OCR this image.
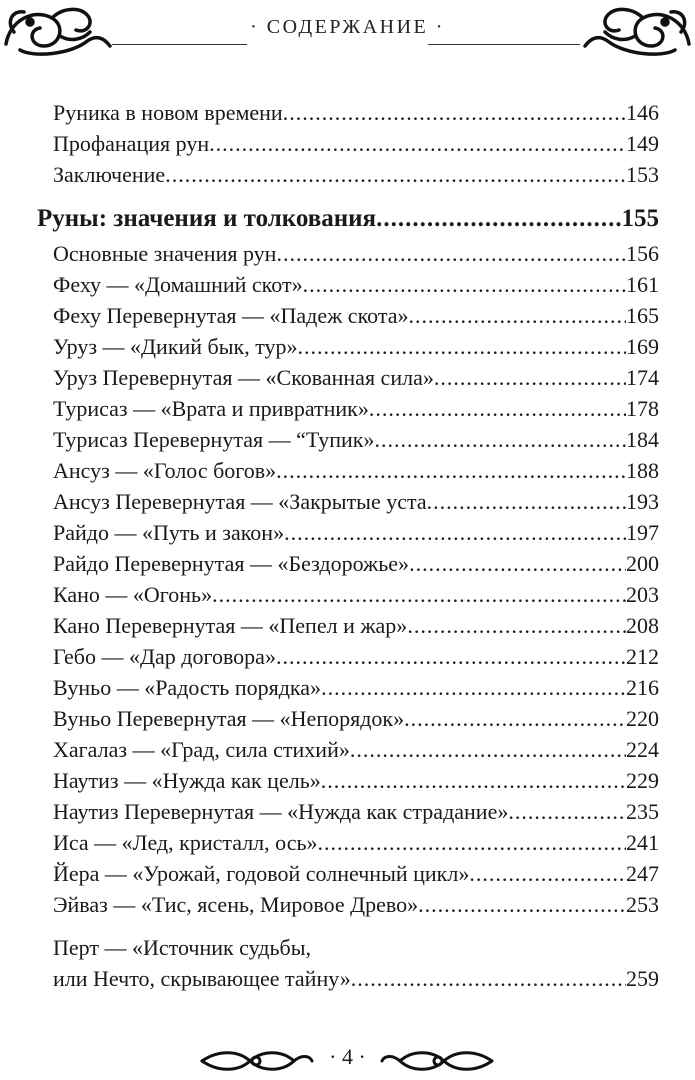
· СОДЕРЖАНИЕ ·
Руника в новом времени .....	146
Профанация рун .....	149
Заключение .....	153
Руны: значения и толкования .....	155
Основные значения рун .....	156
Феху — «Домашний скот» .....	161
Феху Перевернутая — «Падеж скота» .....	165
Уруз — «Дикий бык, тур» .....	169
Уруз Перевернутая — «Скованная сила» .....	174
Турисаз — «Врата и привратник» .....	178
Турисаз Перевернутая — “Тупик» .....	184
Ансуз — «Голос богов» .....	188
Ансуз Перевернутая — «Закрытые уста .....	193
Райдо — «Путь и закон» .....	197
Райдо Перевернутая — «Бездорожье» .....	200
Кано — «Огонь» .....	203
Кано Перевернутая — «Пепел и жар» .....	208
Гебо — «Дар договора» .....	212
Вуньо — «Радость порядка» .....	216
Вуньо Перевернутая — «Непорядок» .....	220
Хагалаз — «Град, сила стихий» .....	224
Наутиз — «Нужда как цель» .....	229
Наутиз Перевернутая — «Нужда как страдание» .....	235
Иса — «Лед, кристалл, ось» .....	241
Йера — «Урожай, годовой солнечный цикл» .....	247
Эйваз — «Тис, ясень, Мировое Древо» .....	253
Перт — «Источник судьбы,
или Нечто, скрывающее тайну» .....	259
· 4 ·
